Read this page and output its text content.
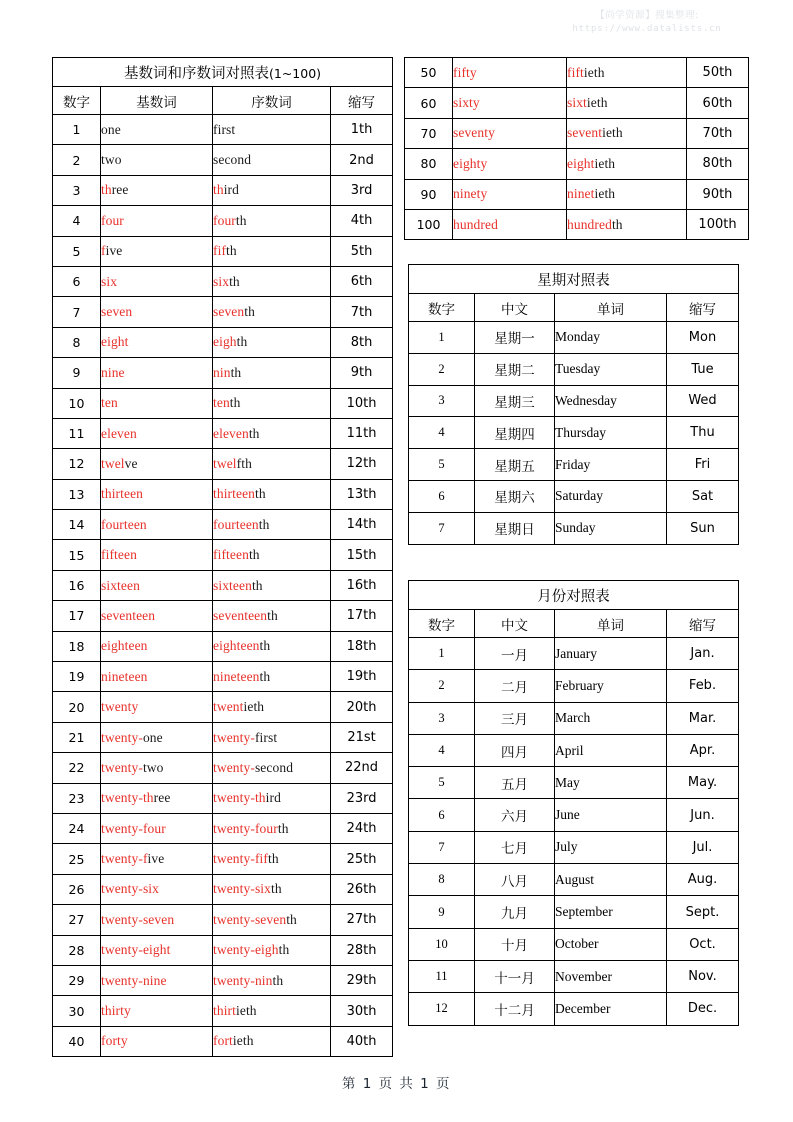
【尚学资源】搜集整理:
https://www.datalists.cn
基数词和序数词对照表(1~100)			
数字	基数词	序数词	缩写
1	one	first	1th
2	two	second	2nd
3	three	third	3rd
4	four	fourth	4th
5	five	fifth	5th
6	six	sixth	6th
7	seven	seventh	7th
8	eight	eighth	8th
9	nine	ninth	9th
10	ten	tenth	10th
11	eleven	eleventh	11th
12	twelve	twelfth	12th
13	thirteen	thirteenth	13th
14	fourteen	fourteenth	14th
15	fifteen	fifteenth	15th
16	sixteen	sixteenth	16th
17	seventeen	seventeenth	17th
18	eighteen	eighteenth	18th
19	nineteen	nineteenth	19th
20	twenty	twentieth	20th
21	twenty-one	twenty-first	21st
22	twenty-two	twenty-second	22nd
23	twenty-three	twenty-third	23rd
24	twenty-four	twenty-fourth	24th
25	twenty-five	twenty-fifth	25th
26	twenty-six	twenty-sixth	26th
27	twenty-seven	twenty-seventh	27th
28	twenty-eight	twenty-eighth	28th
29	twenty-nine	twenty-ninth	29th
30	thirty	thirtieth	30th
40	forty	fortieth	40th
50	fifty	fiftieth	50th
60	sixty	sixtieth	60th
70	seventy	seventieth	70th
80	eighty	eightieth	80th
90	ninety	ninetieth	90th
100	hundred	hundredth	100th
星期对照表			
数字	中文	单词	缩写
1	星期一	Monday	Mon
2	星期二	Tuesday	Tue
3	星期三	Wednesday	Wed
4	星期四	Thursday	Thu
5	星期五	Friday	Fri
6	星期六	Saturday	Sat
7	星期日	Sunday	Sun
月份对照表			
数字	中文	单词	缩写
1	一月	January	Jan.
2	二月	February	Feb.
3	三月	March	Mar.
4	四月	April	Apr.
5	五月	May	May.
6	六月	June	Jun.
7	七月	July	Jul.
8	八月	August	Aug.
9	九月	September	Sept.
10	十月	October	Oct.
11	十一月	November	Nov.
12	十二月	December	Dec.
第 1 页 共 1 页
